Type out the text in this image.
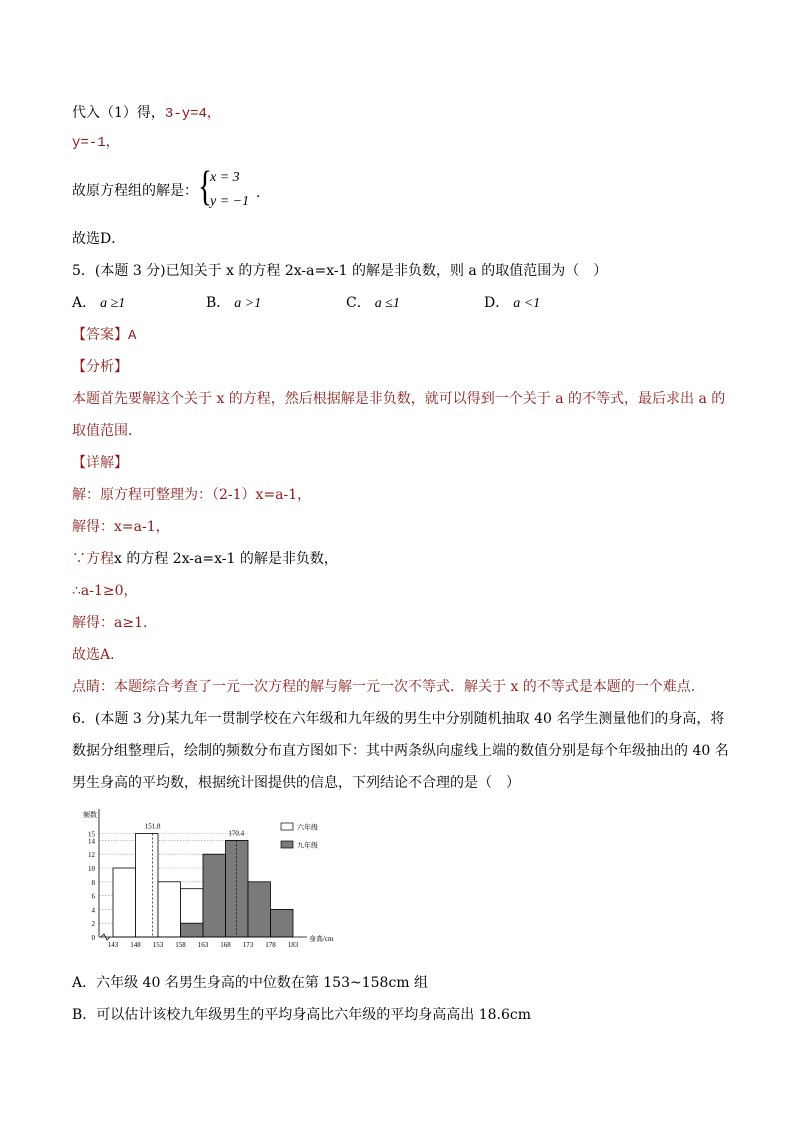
代入（1）得，3-y=4，
y=-1，
故原方程组的解是： {
x = 3
y = −1
.
故选D．
5．(本题 3 分)已知关于 x 的方程 2x-a=x-1 的解是非负数，则 a 的取值范围为（　）
A． a ≥1	B． a >1	C． a ≤1	D． a <1
【答案】A
【分析】
本题首先要解这个关于 x 的方程，然后根据解是非负数，就可以得到一个关于 a 的不等式，最后求出 a 的
取值范围．
【详解】
解：原方程可整理为：（2-1）x=a-1，
解得：x=a-1，
∵方程x 的方程 2x-a=x-1 的解是非负数，
∴a-1≥0，
解得：a≥1．
故选A．
点睛：本题综合考查了一元一次方程的解与解一元一次不等式．解关于 x 的不等式是本题的一个难点．
6．(本题 3 分)某九年一贯制学校在六年级和九年级的男生中分别随机抽取 40 名学生测量他们的身高，将
数据分组整理后，绘制的频数分布直方图如下：其中两条纵向虚线上端的数值分别是每个年级抽出的 40 名
男生身高的平均数，根据统计图提供的信息，下列结论不合理的是（　）
0
2
4
6
8
10
12
14
15
151.8
170.4
143 148 153 158 163 168 173 178 183
频数
身高/cm
六年级
九年级
A．六年级 40 名男生身高的中位数在第 153~158cm 组
B．可以估计该校九年级男生的平均身高比六年级的平均身高高出 18.6cm
